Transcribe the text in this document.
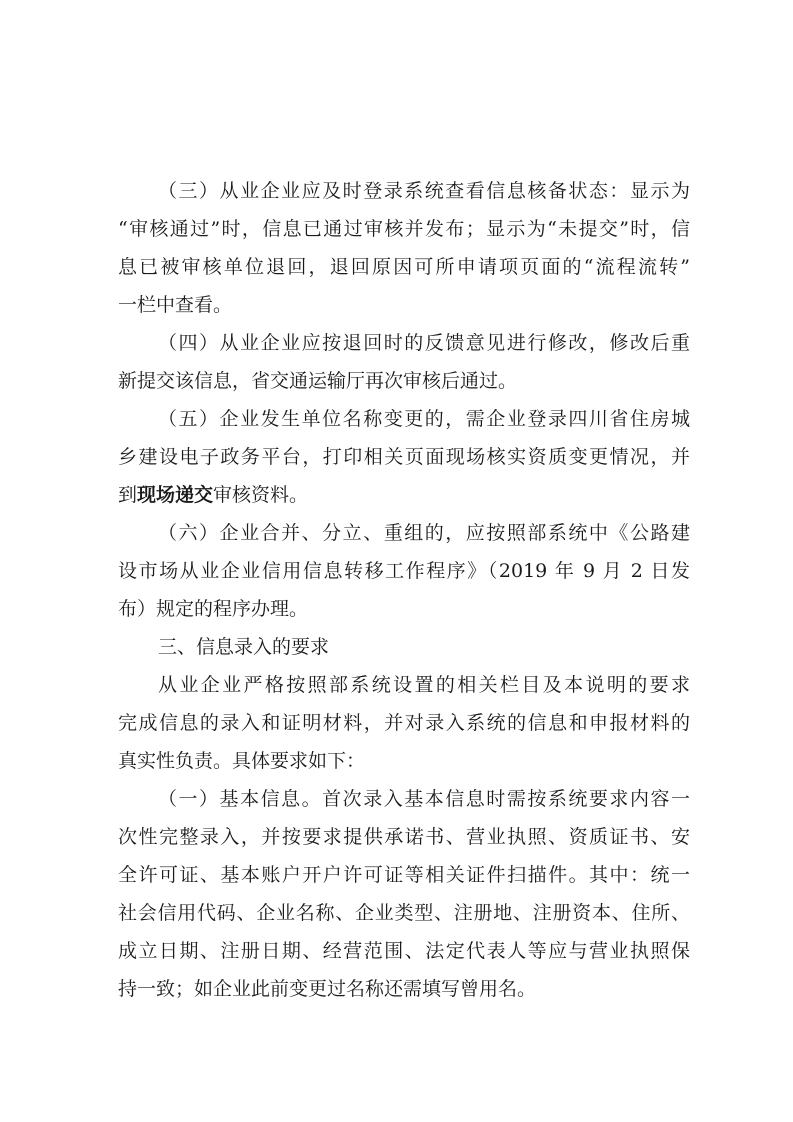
（三）从业企业应及时登录系统查看信息核备状态：显示为
“审核通过”时，信息已通过审核并发布；显示为“未提交”时，信
息已被审核单位退回，退回原因可所申请项页面的“流程流转”
一栏中查看。
（四）从业企业应按退回时的反馈意见进行修改，修改后重
新提交该信息，省交通运输厅再次审核后通过。
（五）企业发生单位名称变更的，需企业登录四川省住房城
乡建设电子政务平台，打印相关页面现场核实资质变更情况，并
到现场递交审核资料。
（六）企业合并、分立、重组的，应按照部系统中《公路建
设市场从业企业信用信息转移工作程序》（2019 年 9 月 2 日发
布）规定的程序办理。
三、信息录入的要求
从业企业严格按照部系统设置的相关栏目及本说明的要求
完成信息的录入和证明材料，并对录入系统的信息和申报材料的
真实性负责。具体要求如下：
（一）基本信息。首次录入基本信息时需按系统要求内容一
次性完整录入，并按要求提供承诺书、营业执照、资质证书、安
全许可证、基本账户开户许可证等相关证件扫描件。其中：统一
社会信用代码、企业名称、企业类型、注册地、注册资本、住所、
成立日期、注册日期、经营范围、法定代表人等应与营业执照保
持一致；如企业此前变更过名称还需填写曾用名。
